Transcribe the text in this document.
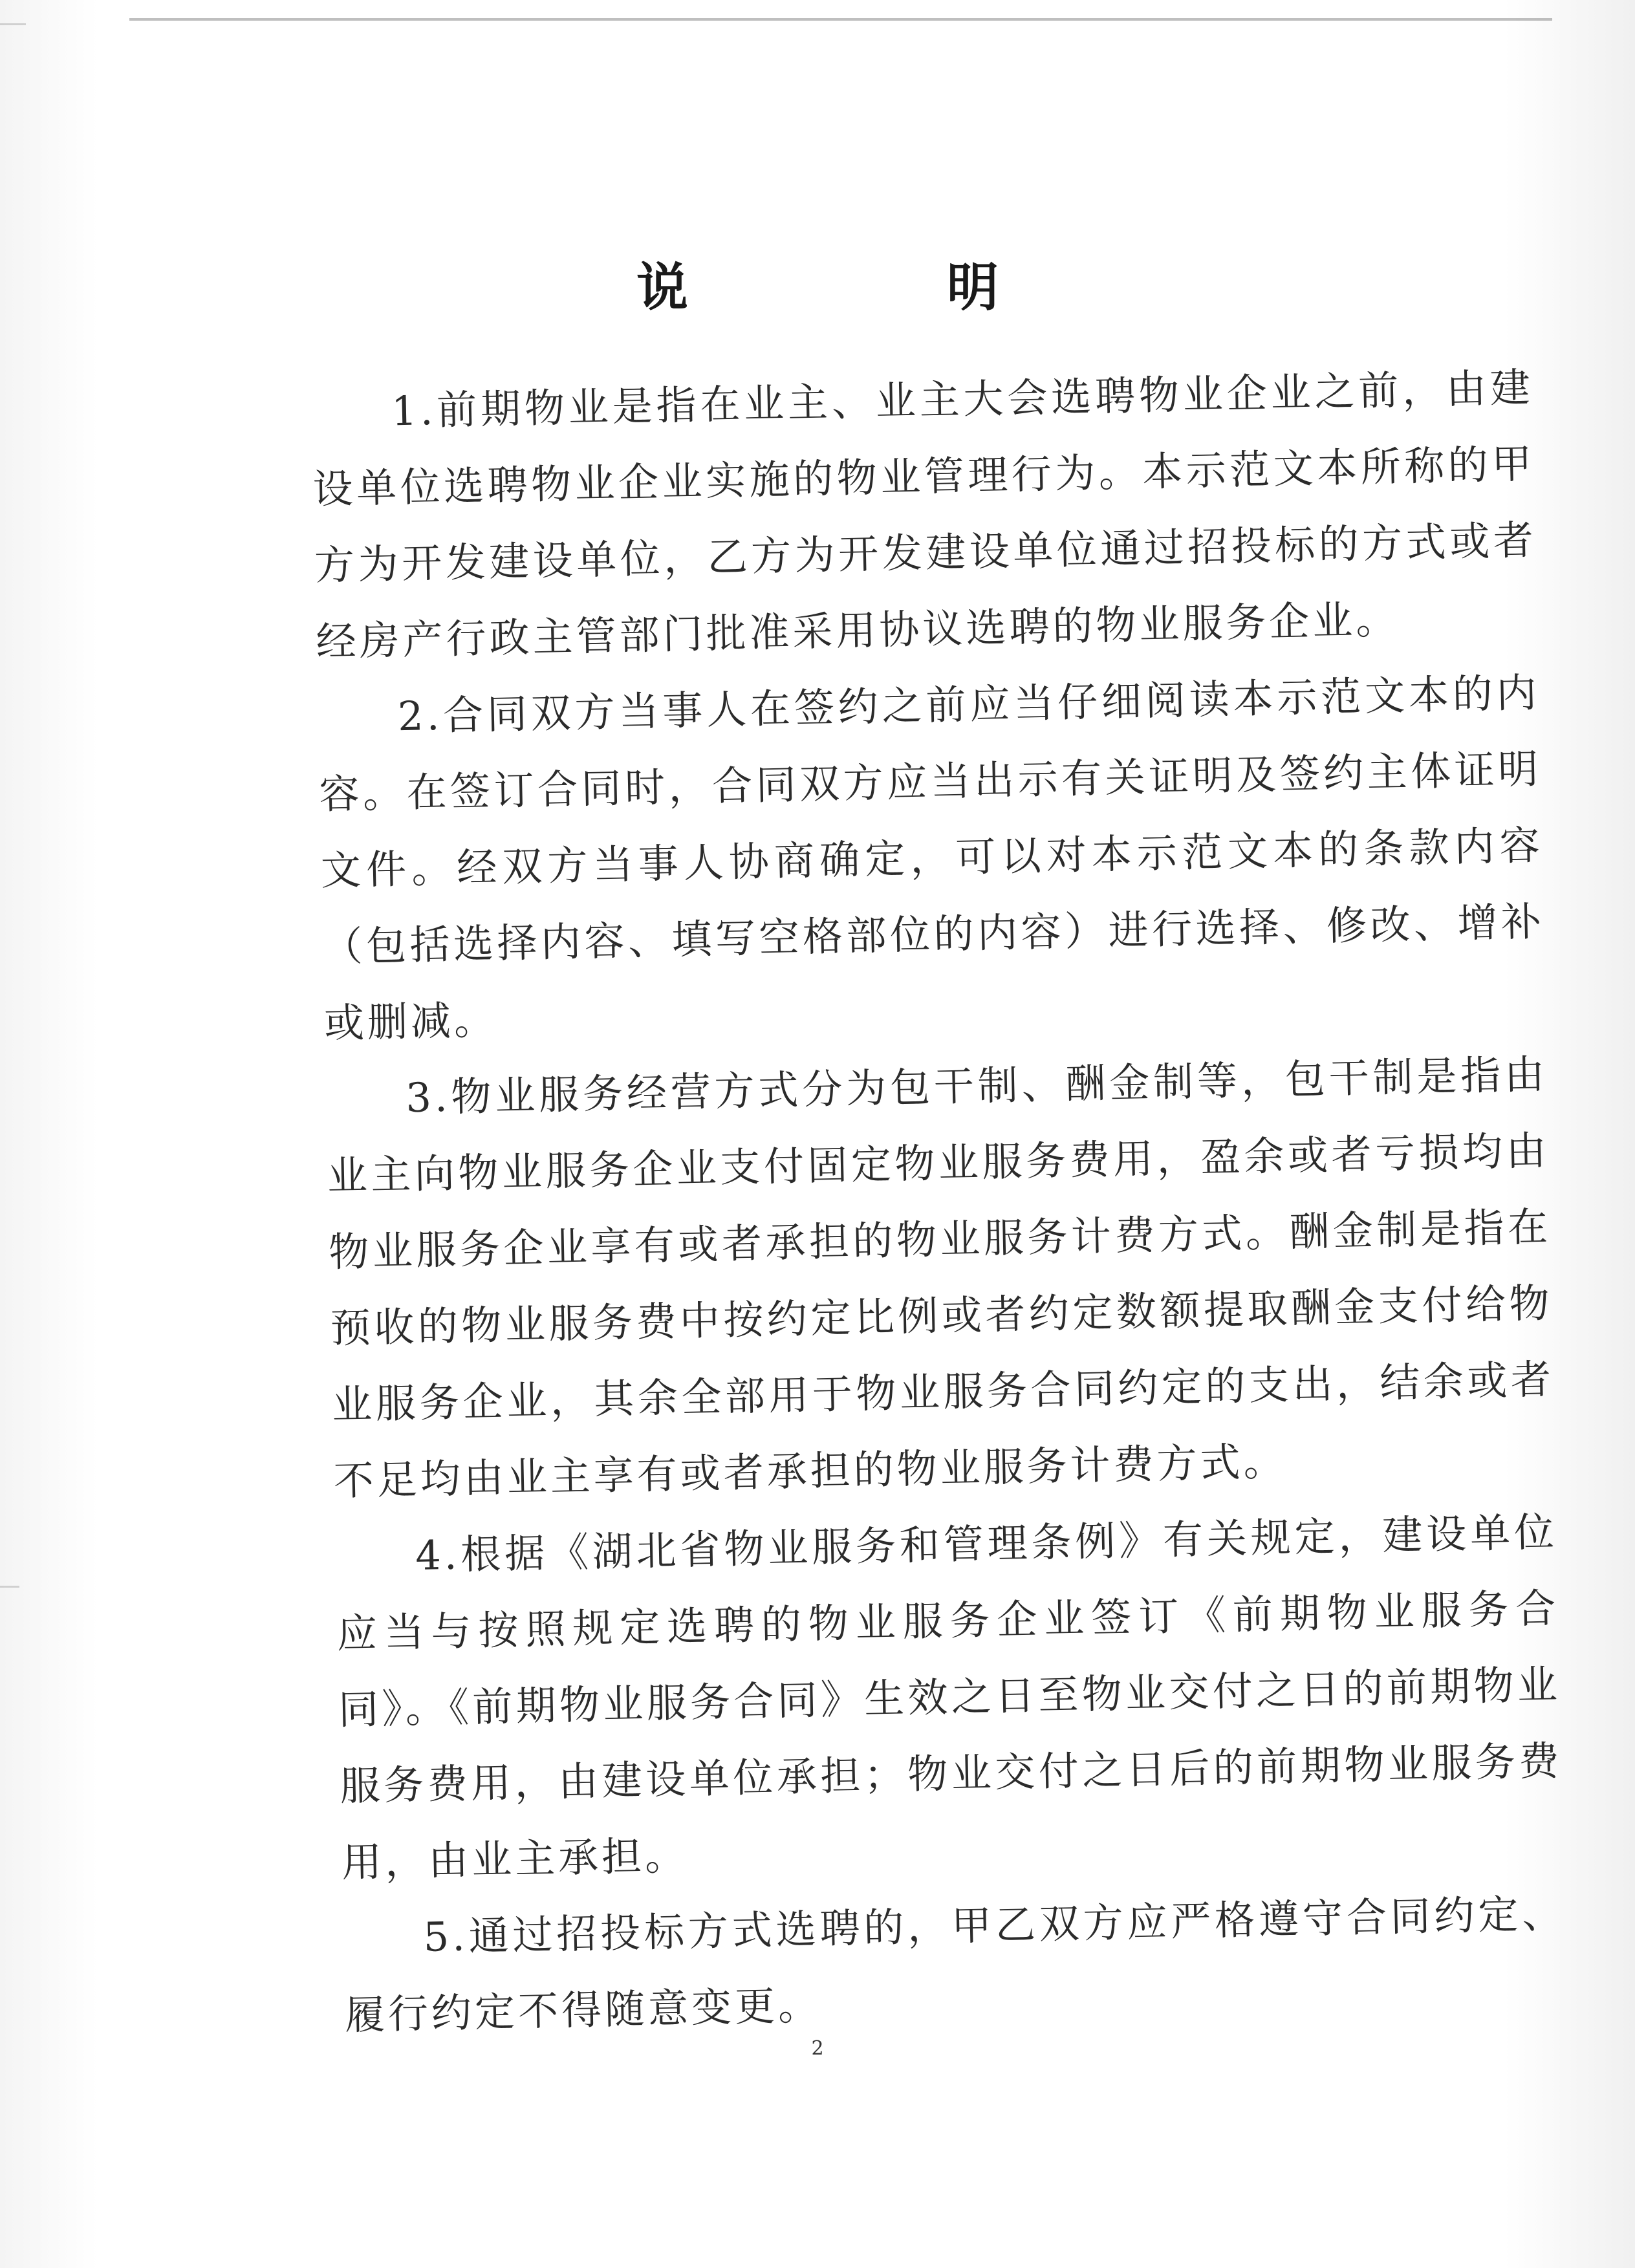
说　明

1.前期物业是指在业主、业主大会选聘物业企业之前，由建设单位选聘物业企业实施的物业管理行为。本示范文本所称的甲方为开发建设单位，乙方为开发建设单位通过招投标的方式或者经房产行政主管部门批准采用协议选聘的物业服务企业。

2.合同双方当事人在签约之前应当仔细阅读本示范文本的内容。在签订合同时，合同双方应当出示有关证明及签约主体证明文件。经双方当事人协商确定，可以对本示范文本的条款内容（包括选择内容、填写空格部位的内容）进行选择、修改、增补或删减。

3.物业服务经营方式分为包干制、酬金制等，包干制是指由业主向物业服务企业支付固定物业服务费用，盈余或者亏损均由物业服务企业享有或者承担的物业服务计费方式。酬金制是指在预收的物业服务费中按约定比例或者约定数额提取酬金支付给物业服务企业，其余全部用于物业服务合同约定的支出，结余或者不足均由业主享有或者承担的物业服务计费方式。

4.根据《湖北省物业服务和管理条例》有关规定，建设单位应当与按照规定选聘的物业服务企业签订《前期物业服务合同》。《前期物业服务合同》生效之日至物业交付之日的前期物业服务费用，由建设单位承担；物业交付之日后的前期物业服务费用，由业主承担。

5.通过招投标方式选聘的，甲乙双方应严格遵守合同约定、履行约定不得随意变更。

2
